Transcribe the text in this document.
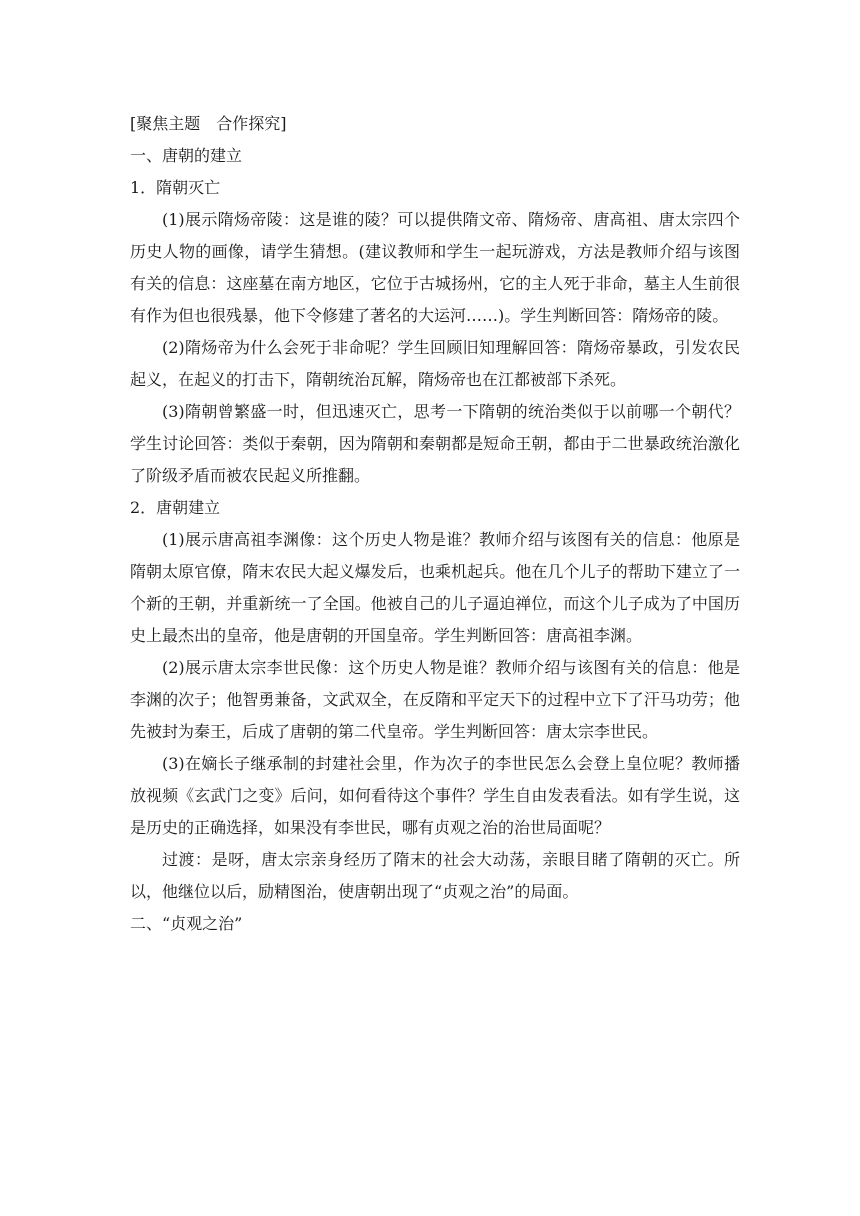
[聚焦主题　合作探究]

一、唐朝的建立

1．隋朝灭亡

(1)展示隋炀帝陵：这是谁的陵？可以提供隋文帝、隋炀帝、唐高祖、唐太宗四个历史人物的画像，请学生猜想。(建议教师和学生一起玩游戏，方法是教师介绍与该图有关的信息：这座墓在南方地区，它位于古城扬州，它的主人死于非命，墓主人生前很有作为但也很残暴，他下令修建了著名的大运河……)。学生判断回答：隋炀帝的陵。

(2)隋炀帝为什么会死于非命呢？学生回顾旧知理解回答：隋炀帝暴政，引发农民起义，在起义的打击下，隋朝统治瓦解，隋炀帝也在江都被部下杀死。

(3)隋朝曾繁盛一时，但迅速灭亡，思考一下隋朝的统治类似于以前哪一个朝代？学生讨论回答：类似于秦朝，因为隋朝和秦朝都是短命王朝，都由于二世暴政统治激化了阶级矛盾而被农民起义所推翻。

2．唐朝建立

(1)展示唐高祖李渊像：这个历史人物是谁？教师介绍与该图有关的信息：他原是隋朝太原官僚，隋末农民大起义爆发后，也乘机起兵。他在几个儿子的帮助下建立了一个新的王朝，并重新统一了全国。他被自己的儿子逼迫禅位，而这个儿子成为了中国历史上最杰出的皇帝，他是唐朝的开国皇帝。学生判断回答：唐高祖李渊。

(2)展示唐太宗李世民像：这个历史人物是谁？教师介绍与该图有关的信息：他是李渊的次子；他智勇兼备，文武双全，在反隋和平定天下的过程中立下了汗马功劳；他先被封为秦王，后成了唐朝的第二代皇帝。学生判断回答：唐太宗李世民。

(3)在嫡长子继承制的封建社会里，作为次子的李世民怎么会登上皇位呢？教师播放视频《玄武门之变》后问，如何看待这个事件？学生自由发表看法。如有学生说，这是历史的正确选择，如果没有李世民，哪有贞观之治的治世局面呢？

过渡：是呀，唐太宗亲身经历了隋末的社会大动荡，亲眼目睹了隋朝的灭亡。所以，他继位以后，励精图治，使唐朝出现了“贞观之治”的局面。

二、“贞观之治”
